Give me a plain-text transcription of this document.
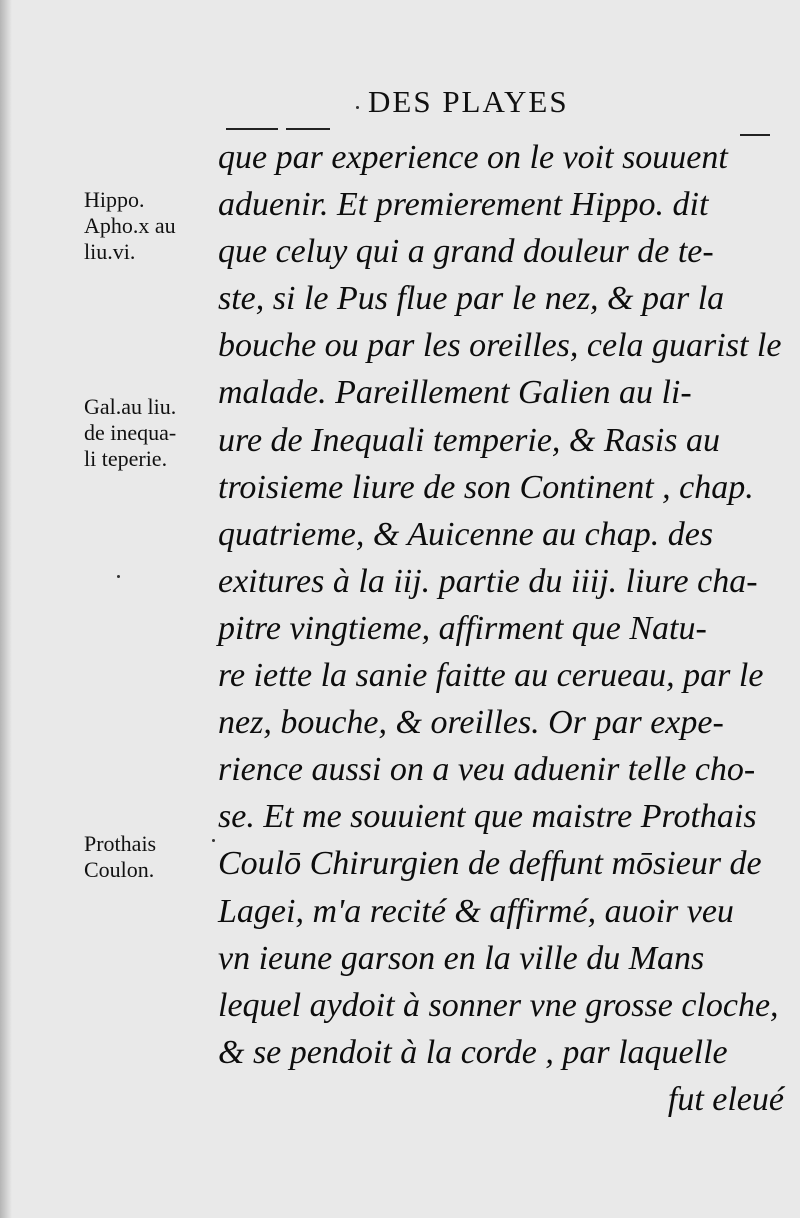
DES PLAYES
Hippo.
Apho.x au
liu.vi.
Gal.au liu.
de inequa-
li teperie.
Prothais
Coulon.
que par experience on le voit souuent
aduenir. Et premierement Hippo. dit
que celuy qui a grand douleur de te-
ste, si le Pus flue par le nez, & par la
bouche ou par les oreilles, cela guarist le
malade. Pareillement Galien au li-
ure de Inequali temperie, & Rasis au
troisieme liure de son Continent , chap.
quatrieme, & Auicenne au chap. des
exitures à la iij. partie du iiij. liure cha-
pitre vingtieme, affirment que Natu-
re iette la sanie faitte au cerueau, par le
nez, bouche, & oreilles. Or par expe-
rience aussi on a veu aduenir telle cho-
se. Et me souuient que maistre Prothais
Coulō Chirurgien de deffunt mōsieur de
Lagei, m'a recité & affirmé, auoir veu
vn ieune garson en la ville du Mans
lequel aydoit à sonner vne grosse cloche,
& se pendoit à la corde , par laquelle
fut eleué
